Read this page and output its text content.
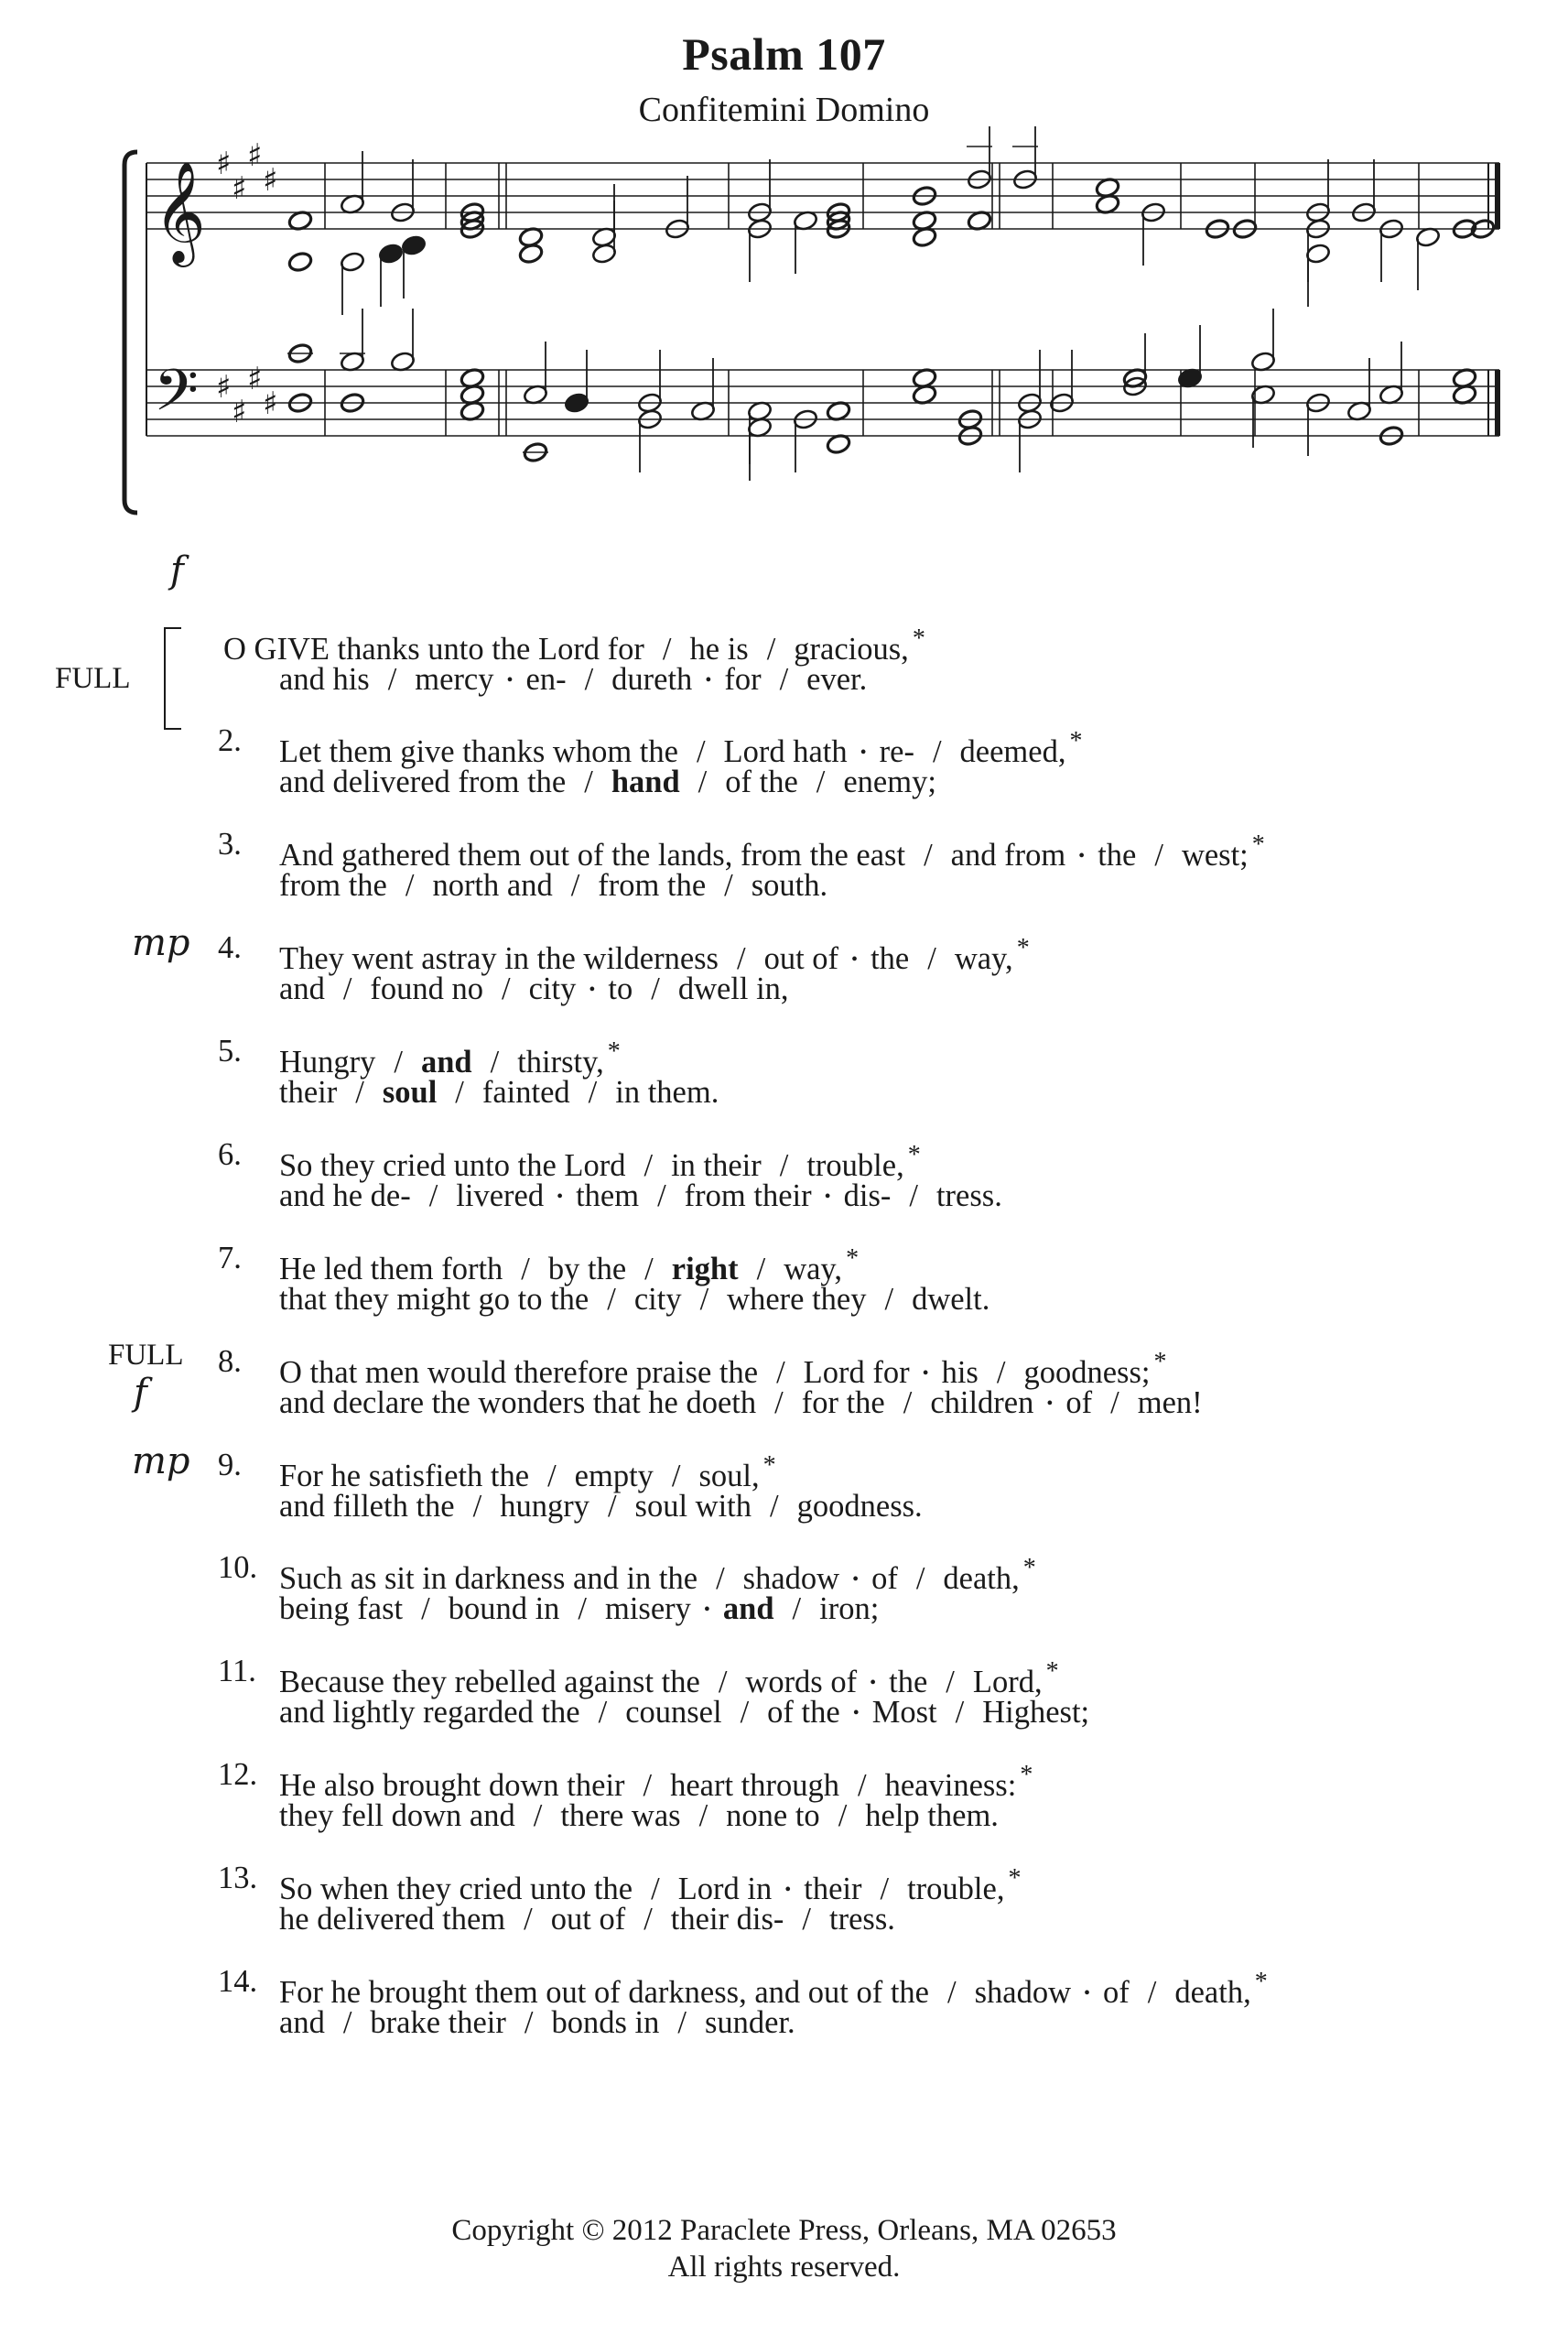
Psalm 107
Confitemini Domino
𝄞
𝄢
♯
♯
♯
♯
♯
♯
♯
♯
f
FULL
mp
FULL
f
mp
O GIVE thanks unto the Lord for / he is / gracious, *
and his / mercy • en- / dureth • for / ever.
2. Let them give thanks whom the / Lord hath • re- / deemed, *
and delivered from the / hand / of the / enemy;
3. And gathered them out of the lands, from the east / and from • the / west; *
from the / north and / from the / south.
4. They went astray in the wilderness / out of • the / way, *
and / found no / city • to / dwell in,
5. Hungry / and / thirsty, *
their / soul / fainted / in them.
6. So they cried unto the Lord / in their / trouble, *
and he de- / livered • them / from their • dis- / tress.
7. He led them forth / by the / right / way, *
that they might go to the / city / where they / dwelt.
8. O that men would therefore praise the / Lord for • his / goodness; *
and declare the wonders that he doeth / for the / children • of / men!
9. For he satisfieth the / empty / soul, *
and filleth the / hungry / soul with / goodness.
10. Such as sit in darkness and in the / shadow • of / death, *
being fast / bound in / misery • and / iron;
11. Because they rebelled against the / words of • the / Lord, *
and lightly regarded the / counsel / of the • Most / Highest;
12. He also brought down their / heart through / heaviness: *
they fell down and / there was / none to / help them.
13. So when they cried unto the / Lord in • their / trouble, *
he delivered them / out of / their dis- / tress.
14. For he brought them out of darkness, and out of the / shadow • of / death, *
and / brake their / bonds in / sunder.
Copyright © 2012 Paraclete Press, Orleans, MA 02653
All rights reserved.
